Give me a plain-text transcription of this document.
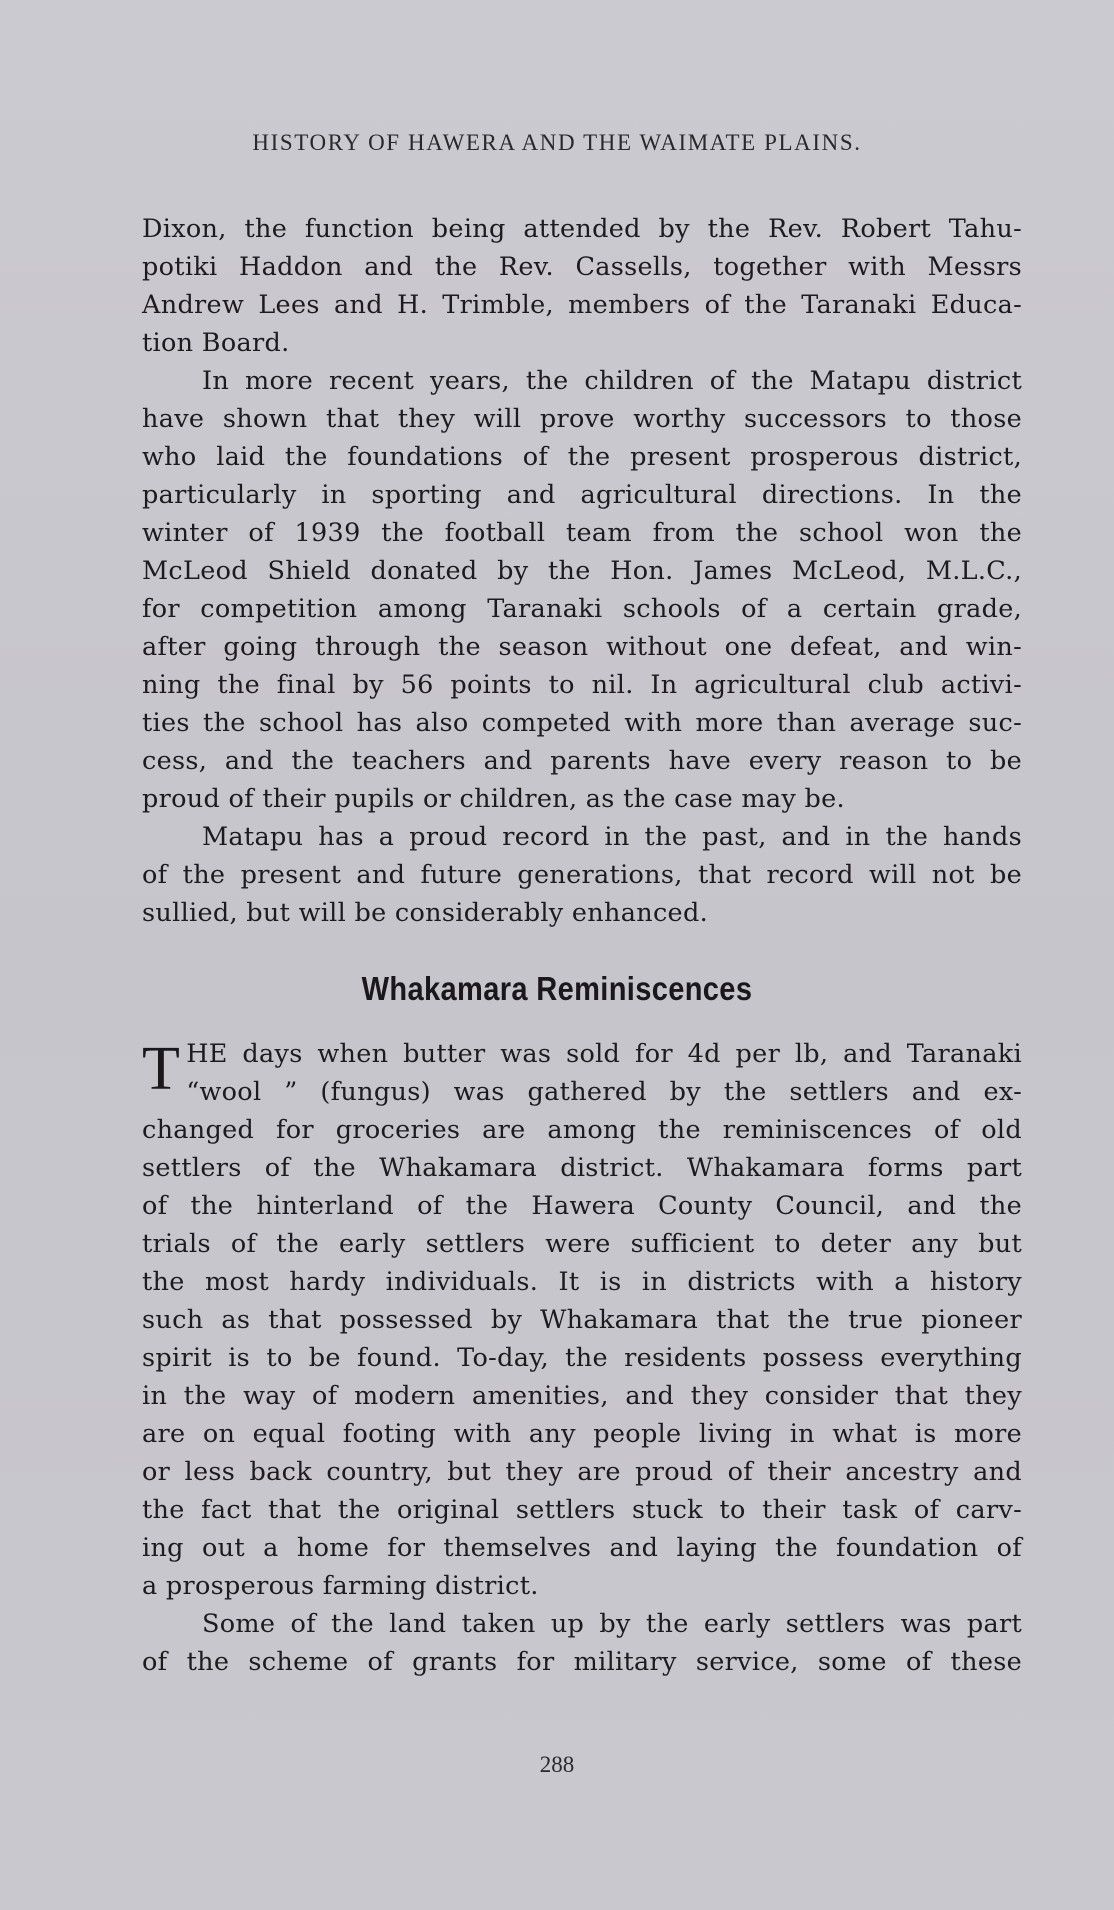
HISTORY OF HAWERA AND THE WAIMATE PLAINS.

Dixon, the function being attended by the Rev. Robert Tahu-
potiki Haddon and the Rev. Cassells, together with Messrs
Andrew Lees and H. Trimble, members of the Taranaki Educa-
tion Board.

In more recent years, the children of the Matapu district
have shown that they will prove worthy successors to those
who laid the foundations of the present prosperous district,
particularly in sporting and agricultural directions. In the
winter of 1939 the football team from the school won the
McLeod Shield donated by the Hon. James McLeod, M.L.C.,
for competition among Taranaki schools of a certain grade,
after going through the season without one defeat, and win-
ning the final by 56 points to nil. In agricultural club activi-
ties the school has also competed with more than average suc-
cess, and the teachers and parents have every reason to be
proud of their pupils or children, as the case may be.

Matapu has a proud record in the past, and in the hands
of the present and future generations, that record will not be
sullied, but will be considerably enhanced.

Whakamara Reminiscences

T HE days when butter was sold for 4d per lb, and Taranaki
“wool ” (fungus) was gathered by the settlers and ex-
changed for groceries are among the reminiscences of old
settlers of the Whakamara district. Whakamara forms part
of the hinterland of the Hawera County Council, and the
trials of the early settlers were sufficient to deter any but
the most hardy individuals. It is in districts with a history
such as that possessed by Whakamara that the true pioneer
spirit is to be found. To-day, the residents possess everything
in the way of modern amenities, and they consider that they
are on equal footing with any people living in what is more
or less back country, but they are proud of their ancestry and
the fact that the original settlers stuck to their task of carv-
ing out a home for themselves and laying the foundation of
a prosperous farming district.

Some of the land taken up by the early settlers was part
of the scheme of grants for military service, some of these

288
